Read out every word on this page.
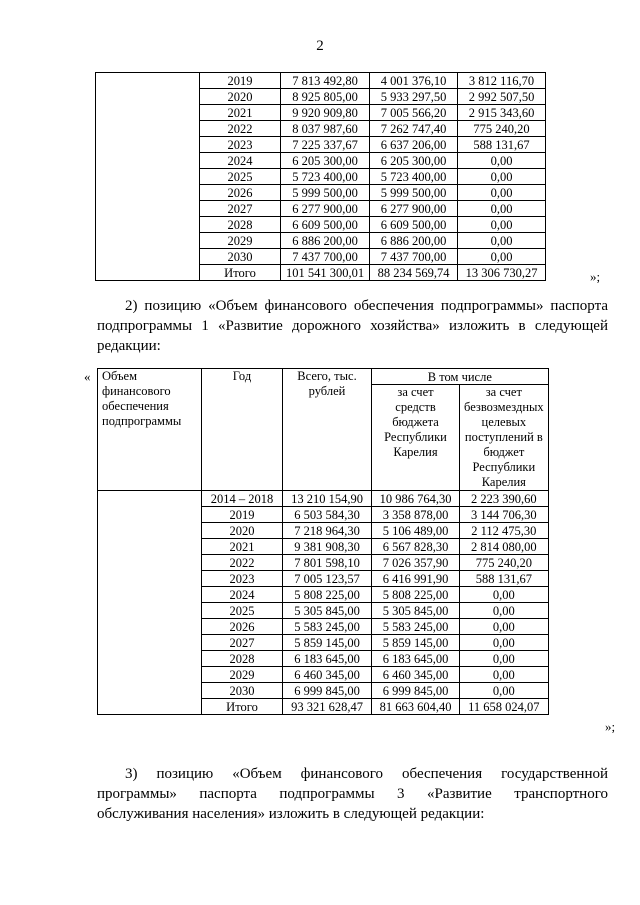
2
	2019	7 813 492,80	4 001 376,10	3 812 116,70
	2020	8 925 805,00	5 933 297,50	2 992 507,50
	2021	9 920 909,80	7 005 566,20	2 915 343,60
	2022	8 037 987,60	7 262 747,40	775 240,20
	2023	7 225 337,67	6 637 206,00	588 131,67
	2024	6 205 300,00	6 205 300,00	0,00
	2025	5 723 400,00	5 723 400,00	0,00
	2026	5 999 500,00	5 999 500,00	0,00
	2027	6 277 900,00	6 277 900,00	0,00
	2028	6 609 500,00	6 609 500,00	0,00
	2029	6 886 200,00	6 886 200,00	0,00
	2030	7 437 700,00	7 437 700,00	0,00
	Итого	101 541 300,01	88 234 569,74	13 306 730,27	»;

2) позицию «Объем финансового обеспечения подпрограммы» паспорта подпрограммы 1 «Развитие дорожного хозяйства» изложить в следующей редакции:

« Объем финансового обеспечения подпрограммы	Год	Всего, тыс. рублей	В том числе	
			за счет средств бюджета Республики Карелия	за счет безвозмездных целевых поступлений в бюджет Республики Карелия
	2014 – 2018	13 210 154,90	10 986 764,30	2 223 390,60
	2019	6 503 584,30	3 358 878,00	3 144 706,30
	2020	7 218 964,30	5 106 489,00	2 112 475,30
	2021	9 381 908,30	6 567 828,30	2 814 080,00
	2022	7 801 598,10	7 026 357,90	775 240,20
	2023	7 005 123,57	6 416 991,90	588 131,67
	2024	5 808 225,00	5 808 225,00	0,00
	2025	5 305 845,00	5 305 845,00	0,00
	2026	5 583 245,00	5 583 245,00	0,00
	2027	5 859 145,00	5 859 145,00	0,00
	2028	6 183 645,00	6 183 645,00	0,00
	2029	6 460 345,00	6 460 345,00	0,00
	2030	6 999 845,00	6 999 845,00	0,00
	Итого	93 321 628,47	81 663 604,40	11 658 024,07
»;

3) позицию «Объем финансового обеспечения государственной программы» паспорта подпрограммы 3 «Развитие транспортного обслуживания населения» изложить в следующей редакции:
